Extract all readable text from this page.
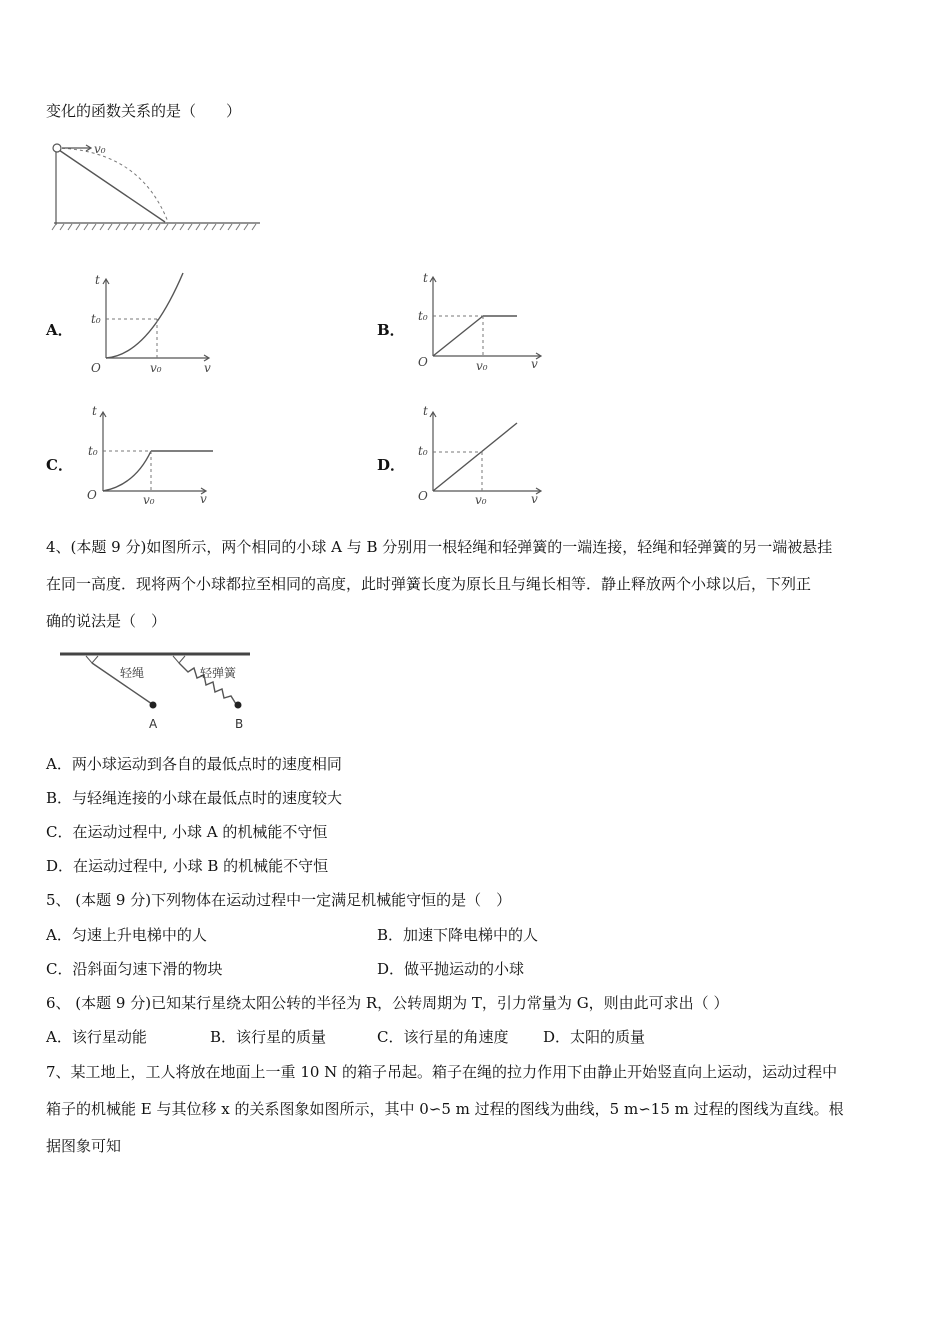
变化的函数关系的是（　　）
v₀
A．
t
t₀
O	v₀	v
B．
t
t₀
O	v₀	v
C．
t
t₀
O	v₀	v
D．
t
t₀
O	v₀	v
4、(本题 9 分)如图所示，两个相同的小球 A 与 B 分别用一根轻绳和轻弹簧的一端连接，轻绳和轻弹簧的另一端被悬挂
在同一高度．现将两个小球都拉至相同的高度，此时弹簧长度为原长且与绳长相等．静止释放两个小球以后，下列正
确的说法是（　）
轻绳
A
轻弹簧
B
A．两小球运动到各自的最低点时的速度相同
B．与轻绳连接的小球在最低点时的速度较大
C．在运动过程中, 小球 A 的机械能不守恒
D．在运动过程中, 小球 B 的机械能不守恒
5、 (本题 9 分)下列物体在运动过程中一定满足机械能守恒的是（　）
A．匀速上升电梯中的人	B．加速下降电梯中的人
C．沿斜面匀速下滑的物块	D．做平抛运动的小球
6、 (本题 9 分)已知某行星绕太阳公转的半径为 R，公转周期为 T，引力常量为 G，则由此可求出（ ）
A．该行星动能	B．该行星的质量	C．该行星的角速度 D．太阳的质量
7、某工地上，工人将放在地面上一重 10 N 的箱子吊起。箱子在绳的拉力作用下由静止开始竖直向上运动，运动过程中
箱子的机械能 E 与其位移 x 的关系图象如图所示，其中 0∽5 m 过程的图线为曲线，5 m∽15 m 过程的图线为直线。根
据图象可知
